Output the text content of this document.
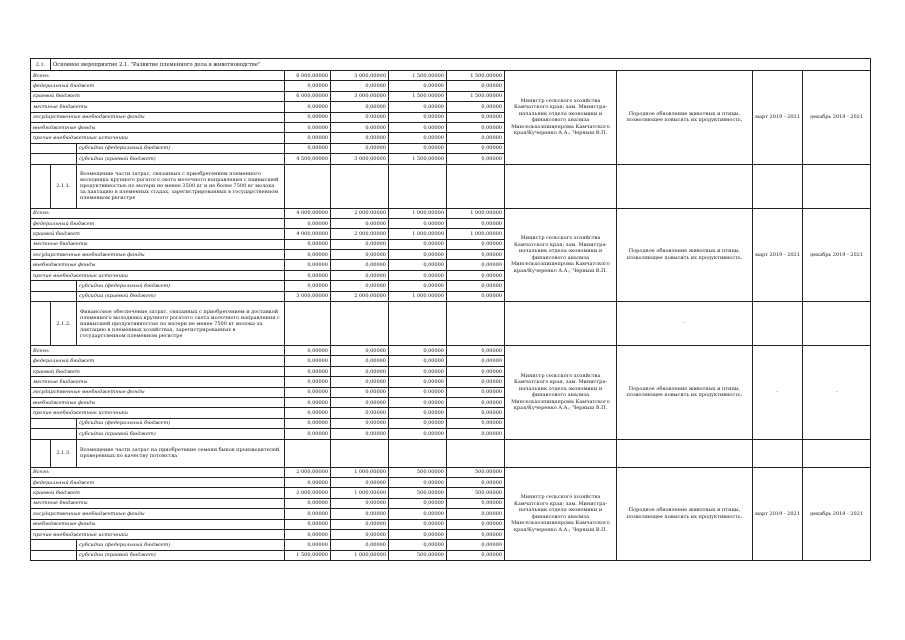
2.1.	Основное мероприятие 2.1. "Развитие племенного дела в животноводстве"									
Всего:			6 000,00000	3 000,00000	1 500,00000	1 500,00000	Министр сельского хозяйства Камчатского края; зам. Министра-начальник отдела экономики и финансового анализа Минсельхозпищепрома Камчатского края/Кучеренко А.А.; Черныш В.П.	Породное обновление животных и птицы, позволяющее повысить их продуктивность.	март 2019 - 2021	декабрь 2019 - 2021
федеральный бюджет			0,00000	0,00000	0,00000	0,00000				
краевой бюджет			6 000,00000	3 000,00000	1 500,00000	1 500,00000				
местные бюджеты			0,00000	0,00000	0,00000	0,00000				
государственные внебюджетные фонды			0,00000	0,00000	0,00000	0,00000				
внебюджетные фонды			0,00000	0,00000	0,00000	0,00000				
прочие внебюджетные источники			0,00000	0,00000	0,00000	0,00000				
		субсидии (федеральный бюджет)	0,00000	0,00000	0,00000	0,00000				
		субсидии (краевой бюджет)	4 500,00000	3 000,00000	1 500,00000	0,00000				
	2.1.1.	Возмещение части затрат, связанных с приобретением племенного молодняка крупного рогатого скота молочного направления с наивысшей продуктивностью по матери не менее 3500 кг и не более 7500 кг молока за лактацию в племенных стадах, зарегистрированных в государственном племенном регистре								
Всего:			4 000,00000	2 000,00000	1 000,00000	1 000,00000	Министр сельского хозяйства Камчатского края; зам. Министра-начальник отдела экономики и финансового анализа Минсельхозпищепрома Камчатского края/Кучеренко А.А.; Черныш В.П.	Породное обновление животных и птицы, позволяющее повысить их продуктивность.	март 2019 - 2021	декабрь 2019 - 2021
федеральный бюджет			0,00000	0,00000	0,00000	0,00000				
краевой бюджет			4 000,00000	2 000,00000	1 000,00000	1 000,00000				
местные бюджеты			0,00000	0,00000	0,00000	0,00000				
государственные внебюджетные фонды			0,00000	0,00000	0,00000	0,00000				
внебюджетные фонды			0,00000	0,00000	0,00000	0,00000				
прочие внебюджетные источники			0,00000	0,00000	0,00000	0,00000				
		субсидии (федеральный бюджет)	0,00000	0,00000	0,00000	0,00000				
		субсидии (краевой бюджет)	3 000,00000	2 000,00000	1 000,00000	0,00000				
	2.1.2.	Финансовое обеспечение затрат, связанных с приобретением и доставкой племенного молодняка крупного рогатого скота молочного направления с наивысшей продуктивностью по матери не менее 7500 кг молока за лактацию в племенных хозяйствах, зарегистрированных в государственном племенном регистре						-		
Всего:			0,00000	0,00000	0,00000	0,00000	Министр сельского хозяйства Камчатского края; зам. Министра-начальник отдела экономики и финансового анализа Минсельхозпищепрома Камчатского края/Кучеренко А.А.; Черныш В.П.	Породное обновление животных и птицы, позволяющее повысить их продуктивность.	-	-
федеральный бюджет			0,00000	0,00000	0,00000	0,00000				
краевой бюджет			0,00000	0,00000	0,00000	0,00000				
местные бюджеты			0,00000	0,00000	0,00000	0,00000				
государственные внебюджетные фонды			0,00000	0,00000	0,00000	0,00000				
внебюджетные фонды			0,00000	0,00000	0,00000	0,00000				
прочие внебюджетные источники			0,00000	0,00000	0,00000	0,00000				
		субсидии (федеральный бюджет)	0,00000	0,00000	0,00000	0,00000				
		субсидии (краевой бюджет)	0,00000	0,00000	0,00000	0,00000				
	2.1.3.	Возмещение части затрат на приобретение семени быков производителей, проверенных по качеству потомства								
Всего:			2 000,00000	1 000,00000	500,00000	500,00000	Министр сельского хозяйства Камчатского края; зам. Министра-начальник отдела экономики и финансового анализа Минсельхозпищепрома Камчатского края/Кучеренко А.А.; Черныш В.П.	Породное обновление животных и птицы, позволяющее повысить их продуктивность.	март 2019 - 2021	декабрь 2019 - 2021
федеральный бюджет			0,00000	0,00000	0,00000	0,00000				
краевой бюджет			2 000,00000	1 000,00000	500,00000	500,00000				
местные бюджеты			0,00000	0,00000	0,00000	0,00000				
государственные внебюджетные фонды			0,00000	0,00000	0,00000	0,00000				
внебюджетные фонды			0,00000	0,00000	0,00000	0,00000				
прочие внебюджетные источники			0,00000	0,00000	0,00000	0,00000				
		субсидии (федеральный бюджет)	0,00000	0,00000	0,00000	0,00000				
		субсидии (краевой бюджет)	1 500,00000	1 000,00000	500,00000	0,00000				
